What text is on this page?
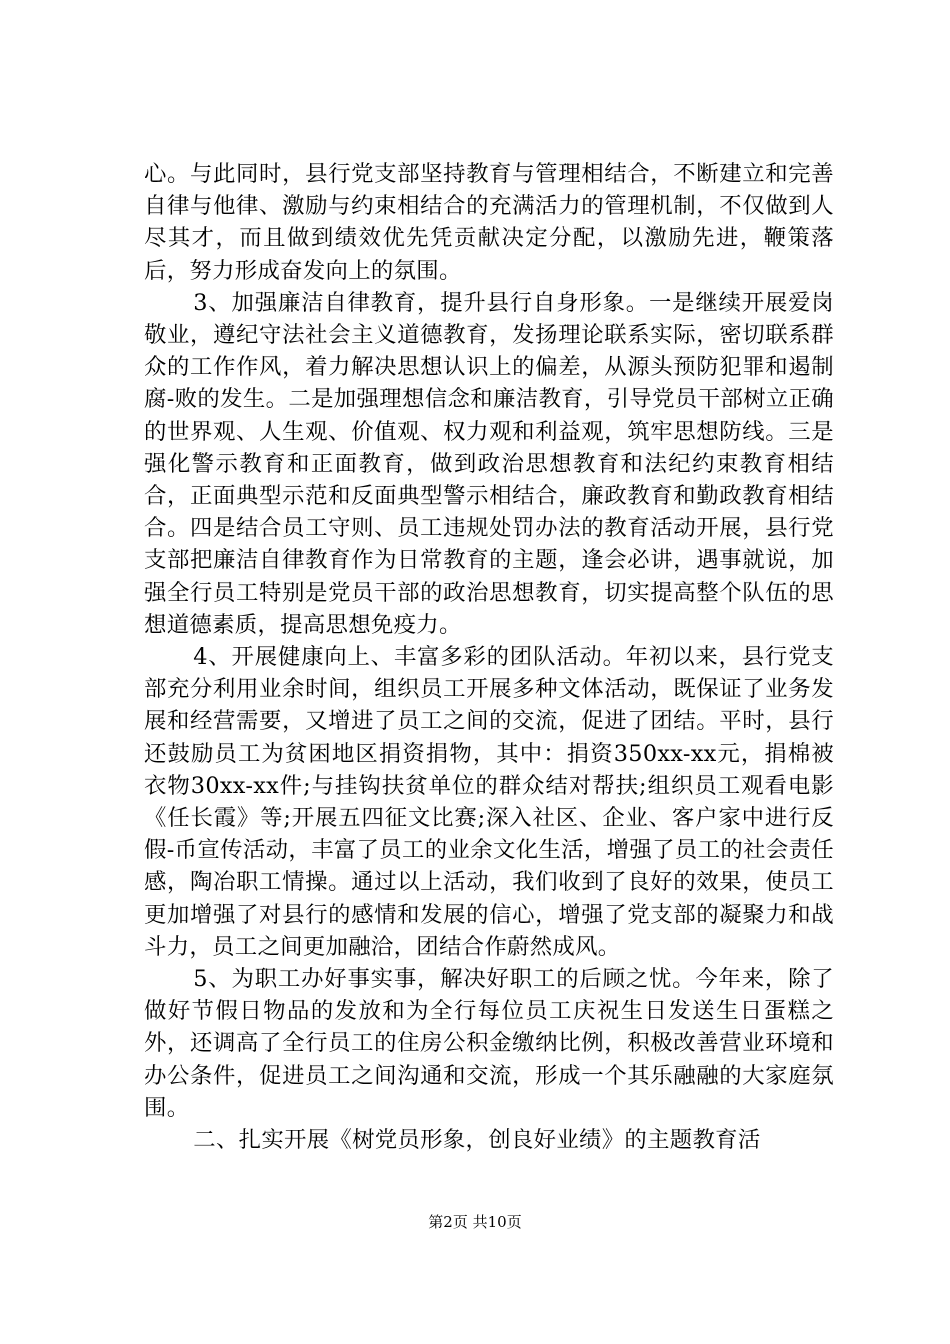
心。与此同时，县行党支部坚持教育与管理相结合，不断建立和完善自律与他律、激励与约束相结合的充满活力的管理机制，不仅做到人尽其才，而且做到绩效优先凭贡献决定分配，以激励先进，鞭策落后，努力形成奋发向上的氛围。

3、加强廉洁自律教育，提升县行自身形象。一是继续开展爱岗敬业，遵纪守法社会主义道德教育，发扬理论联系实际，密切联系群众的工作作风，着力解决思想认识上的偏差，从源头预防犯罪和遏制腐-败的发生。二是加强理想信念和廉洁教育，引导党员干部树立正确的世界观、人生观、价值观、权力观和利益观，筑牢思想防线。三是强化警示教育和正面教育，做到政治思想教育和法纪约束教育相结合，正面典型示范和反面典型警示相结合，廉政教育和勤政教育相结合。四是结合员工守则、员工违规处罚办法的教育活动开展，县行党支部把廉洁自律教育作为日常教育的主题，逢会必讲，遇事就说，加强全行员工特别是党员干部的政治思想教育，切实提高整个队伍的思想道德素质，提高思想免疫力。

4、开展健康向上、丰富多彩的团队活动。年初以来，县行党支部充分利用业余时间，组织员工开展多种文体活动，既保证了业务发展和经营需要，又增进了员工之间的交流，促进了团结。平时，县行还鼓励员工为贫困地区捐资捐物，其中：捐资350xx-xx元，捐棉被衣物30xx-xx件;与挂钩扶贫单位的群众结对帮扶;组织员工观看电影《任长霞》等;开展五四征文比赛;深入社区、企业、客户家中进行反假-币宣传活动，丰富了员工的业余文化生活，增强了员工的社会责任感，陶冶职工情操。通过以上活动，我们收到了良好的效果，使员工更加增强了对县行的感情和发展的信心，增强了党支部的凝聚力和战斗力，员工之间更加融洽，团结合作蔚然成风。

5、为职工办好事实事，解决好职工的后顾之忧。今年来，除了做好节假日物品的发放和为全行每位员工庆祝生日发送生日蛋糕之外，还调高了全行员工的住房公积金缴纳比例，积极改善营业环境和办公条件，促进员工之间沟通和交流，形成一个其乐融融的大家庭氛围。

二、扎实开展《树党员形象，创良好业绩》的主题教育活

第2页 共10页
